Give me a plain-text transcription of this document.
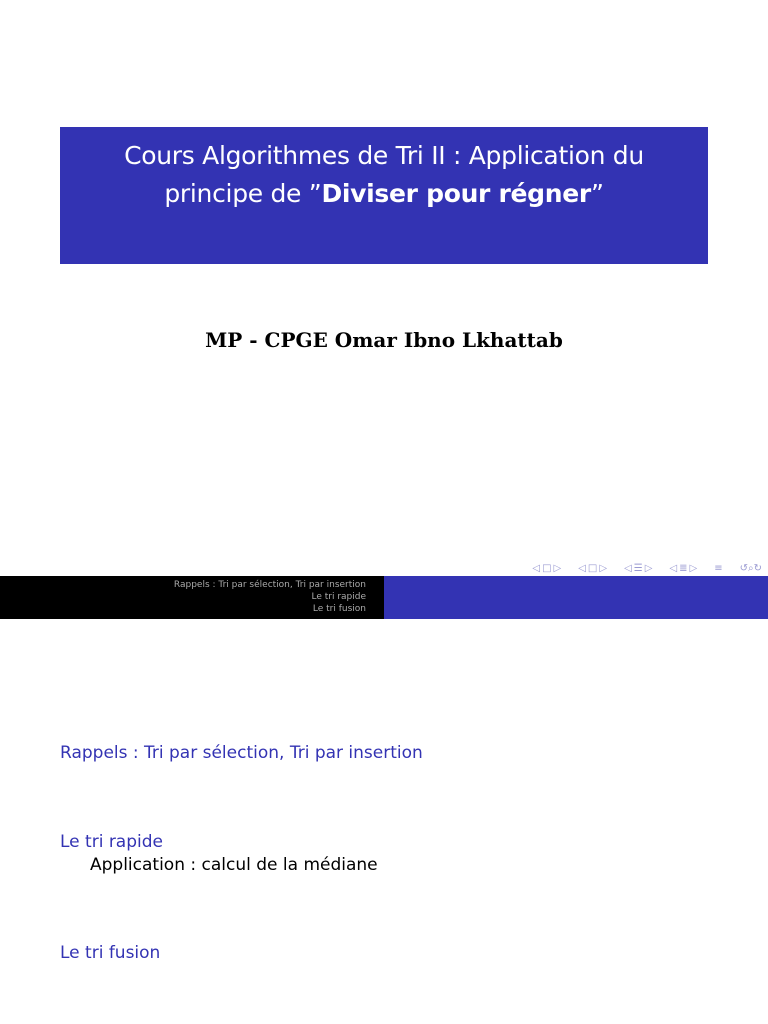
Cours Algorithmes de Tri II : Application du
principe de ”Diviser pour régner”
MP - CPGE Omar Ibno Lkhattab
◁ □ ▷ ◁ □ ▷ ◁ ☰ ▷ ◁ ≣ ▷ ≡ ↺⌕↻
Rappels : Tri par sélection, Tri par insertion
Le tri rapide
Le tri fusion
Rappels : Tri par sélection, Tri par insertion
Le tri rapide
Application : calcul de la médiane
Le tri fusion
